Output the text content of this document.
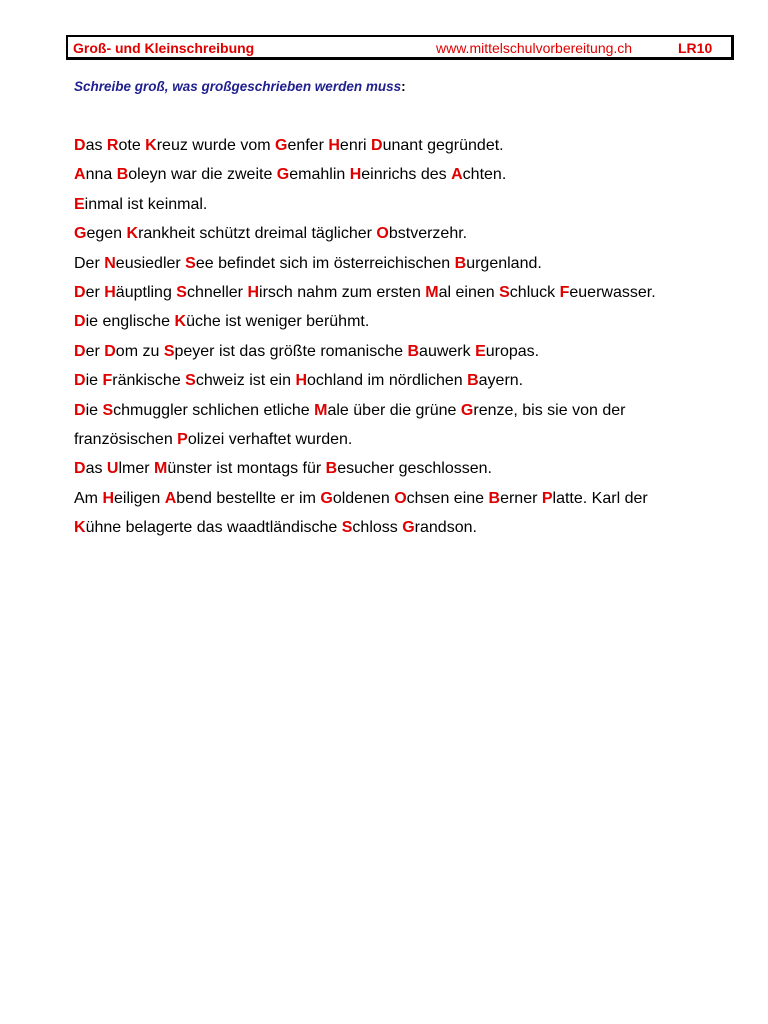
Groß- und Kleinschreibung	www.mittelschulvorbereitung.ch	LR10
Schreibe groß, was großgeschrieben werden muss:
Das Rote Kreuz wurde vom Genfer Henri Dunant gegründet.
Anna Boleyn war die zweite Gemahlin Heinrichs des Achten.
Einmal ist keinmal.
Gegen Krankheit schützt dreimal täglicher Obstverzehr.
Der Neusiedler See befindet sich im österreichischen Burgenland.
Der Häuptling Schneller Hirsch nahm zum ersten Mal einen Schluck Feuerwasser.
Die englische Küche ist weniger berühmt.
Der Dom zu Speyer ist das größte romanische Bauwerk Europas.
Die Fränkische Schweiz ist ein Hochland im nördlichen Bayern.
Die Schmuggler schlichen etliche Male über die grüne Grenze, bis sie von der
französischen Polizei verhaftet wurden.
Das Ulmer Münster ist montags für Besucher geschlossen.
Am Heiligen Abend bestellte er im Goldenen Ochsen eine Berner Platte. Karl der
Kühne belagerte das waadtländische Schloss Grandson.
